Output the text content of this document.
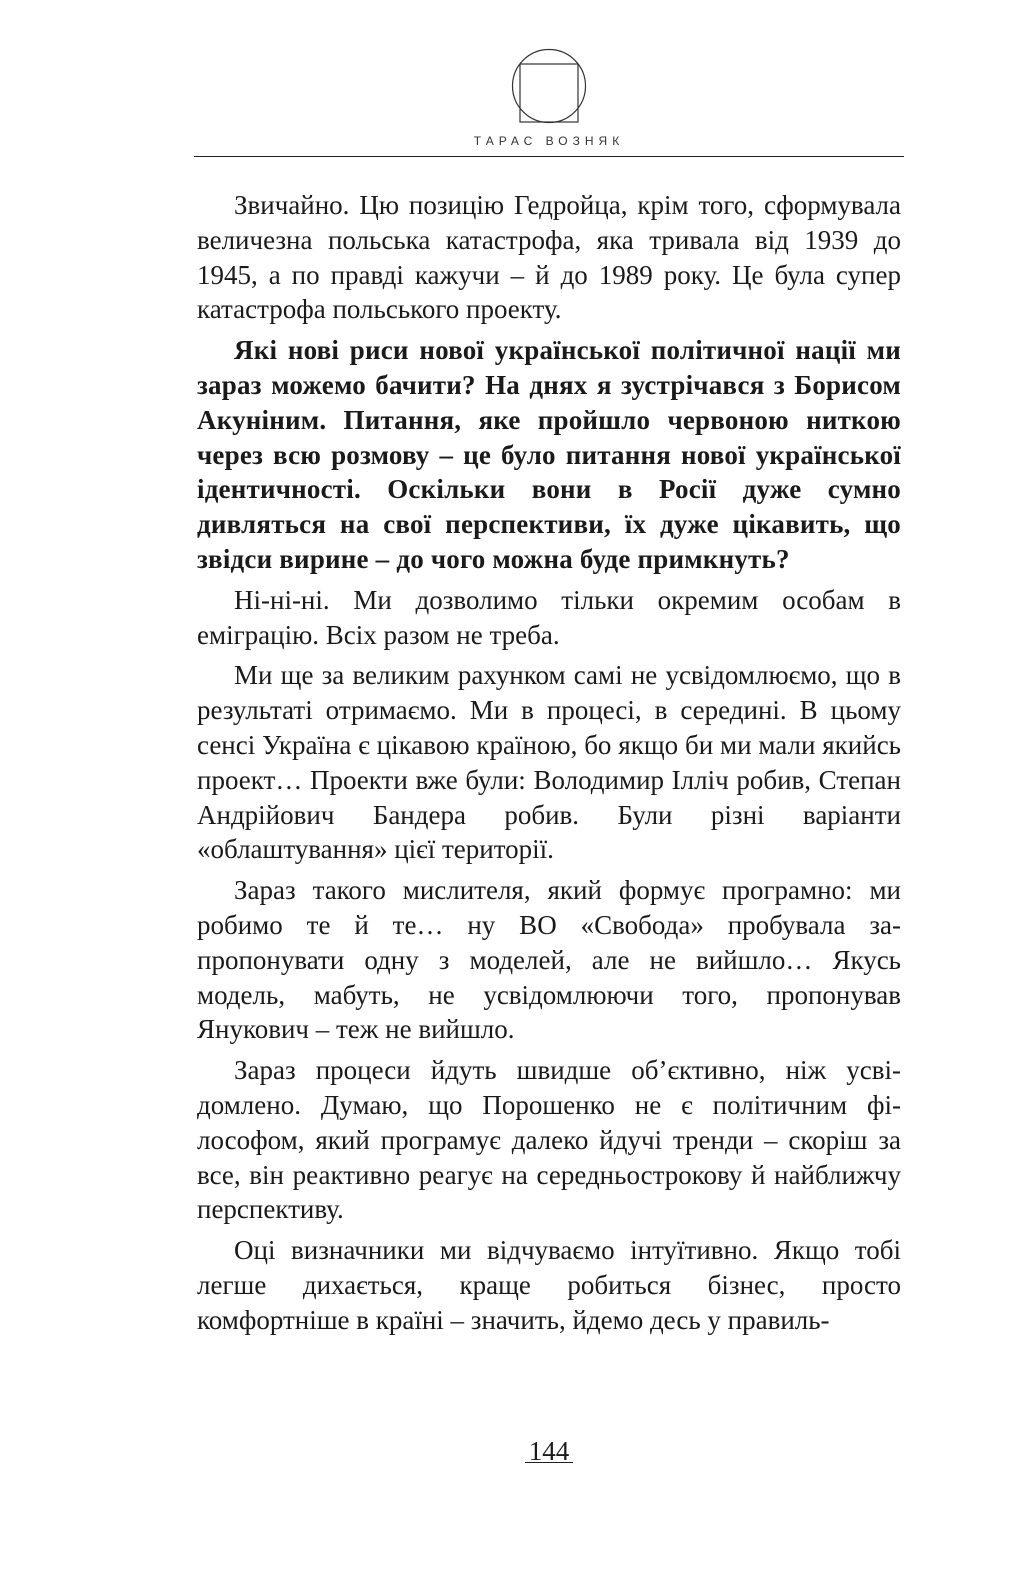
ТАРАС ВОЗНЯК

Звичайно. Цю позицію Гедройца, крім того, сформувала величезна польська катастрофа, яка тривала від 1939 до 1945, а по правді кажучи – й до 1989 року. Це була супер катастрофа польського проекту.

Які нові риси нової української політичної нації ми зараз можемо бачити? На днях я зустрічався з Борисом Акуніним. Питання, яке пройшло червоною ниткою через всю розмову – це було питання нової української ідентичності. Оскільки вони в Росії дуже сумно дивляться на свої перспективи, їх дуже цікавить, що звідси вирине – до чого можна буде примкнуть?

Ні-ні-ні. Ми дозволимо тільки окремим особам в еміграцію. Всіх разом не треба.

Ми ще за великим рахунком самі не усвідомлюємо, що в результаті отримаємо. Ми в процесі, в середині. В цьому сенсі Україна є цікавою країною, бо якщо би ми мали якийсь проект… Проекти вже були: Володимир Ілліч робив, Степан Андрійович Бандера робив. Були різні варіанти «облаштування» цієї території.

Зараз такого мислителя, який формує програмно: ми робимо те й те… ну ВО «Свобода» пробувала запропонувати одну з моделей, але не вийшло… Якусь модель, мабуть, не усвідомлюючи того, пропонував Янукович – теж не вийшло.

Зараз процеси йдуть швидше об’єктивно, ніж усвідомлено. Думаю, що Порошенко не є політичним філософом, який програмує далеко йдучі тренди – скоріш за все, він реактивно реагує на середньострокову й найближчу перспективу.

Оці визначники ми відчуваємо інтуїтивно. Якщо тобі легше дихається, краще робиться бізнес, просто комфортніше в країні – значить, йдемо десь у правиль-

144
